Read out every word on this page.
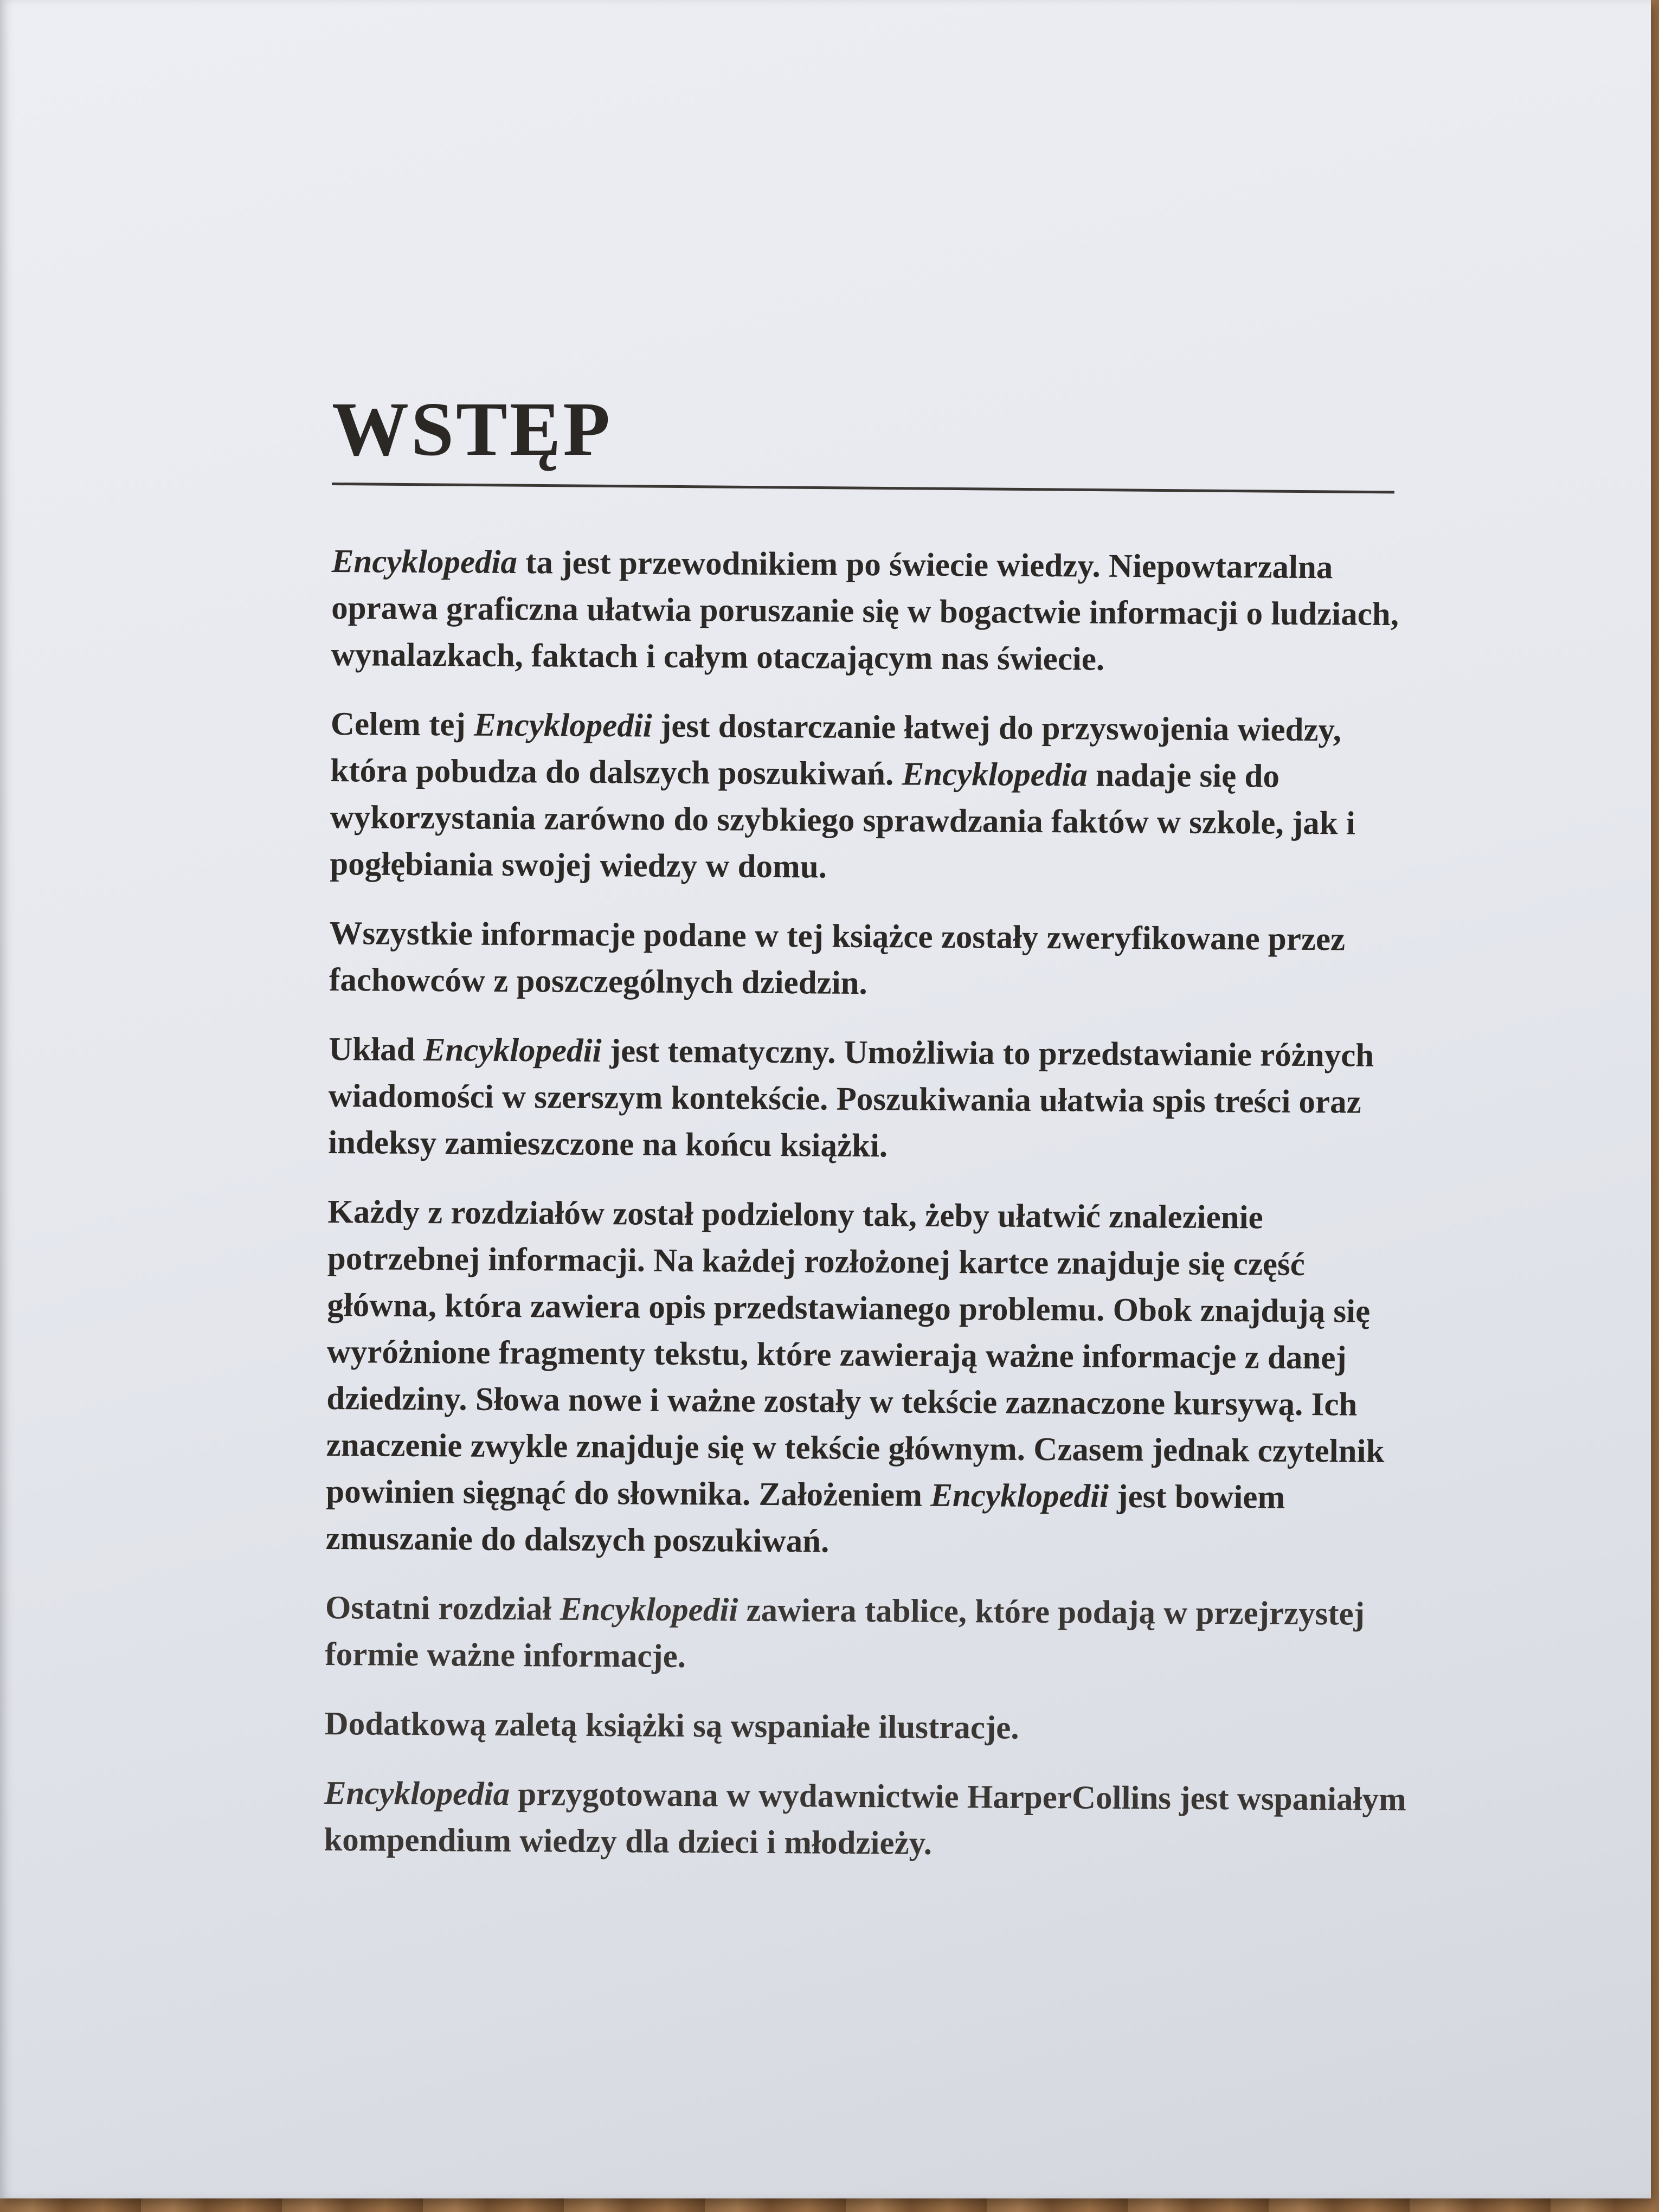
WSTĘP

Encyklopedia ta jest przewodnikiem po świecie wiedzy. Niepowtarzalna oprawa graficzna ułatwia poruszanie się w bogactwie informacji o ludziach, wynalazkach, faktach i całym otaczającym nas świecie.

Celem tej Encyklopedii jest dostarczanie łatwej do przyswojenia wiedzy, która pobudza do dalszych poszukiwań. Encyklopedia nadaje się do wykorzystania zarówno do szybkiego sprawdzania faktów w szkole, jak i pogłębiania swojej wiedzy w domu.

Wszystkie informacje podane w tej książce zostały zweryfikowane przez fachowców z poszczególnych dziedzin.

Układ Encyklopedii jest tematyczny. Umożliwia to przedstawianie różnych wiadomości w szerszym kontekście. Poszukiwania ułatwia spis treści oraz indeksy zamieszczone na końcu książki.

Każdy z rozdziałów został podzielony tak, żeby ułatwić znalezienie potrzebnej informacji. Na każdej rozłożonej kartce znajduje się część główna, która zawiera opis przedstawianego problemu. Obok znajdują się wyróżnione fragmenty tekstu, które zawierają ważne informacje z danej dziedziny. Słowa nowe i ważne zostały w tekście zaznaczone kursywą. Ich znaczenie zwykle znajduje się w tekście głównym. Czasem jednak czytelnik powinien sięgnąć do słownika. Założeniem Encyklopedii jest bowiem zmuszanie do dalszych poszukiwań.

Ostatni rozdział Encyklopedii zawiera tablice, które podają w przejrzystej formie ważne informacje.

Dodatkową zaletą książki są wspaniałe ilustracje.

Encyklopedia przygotowana w wydawnictwie HarperCollins jest wspaniałym kompendium wiedzy dla dzieci i młodzieży.
